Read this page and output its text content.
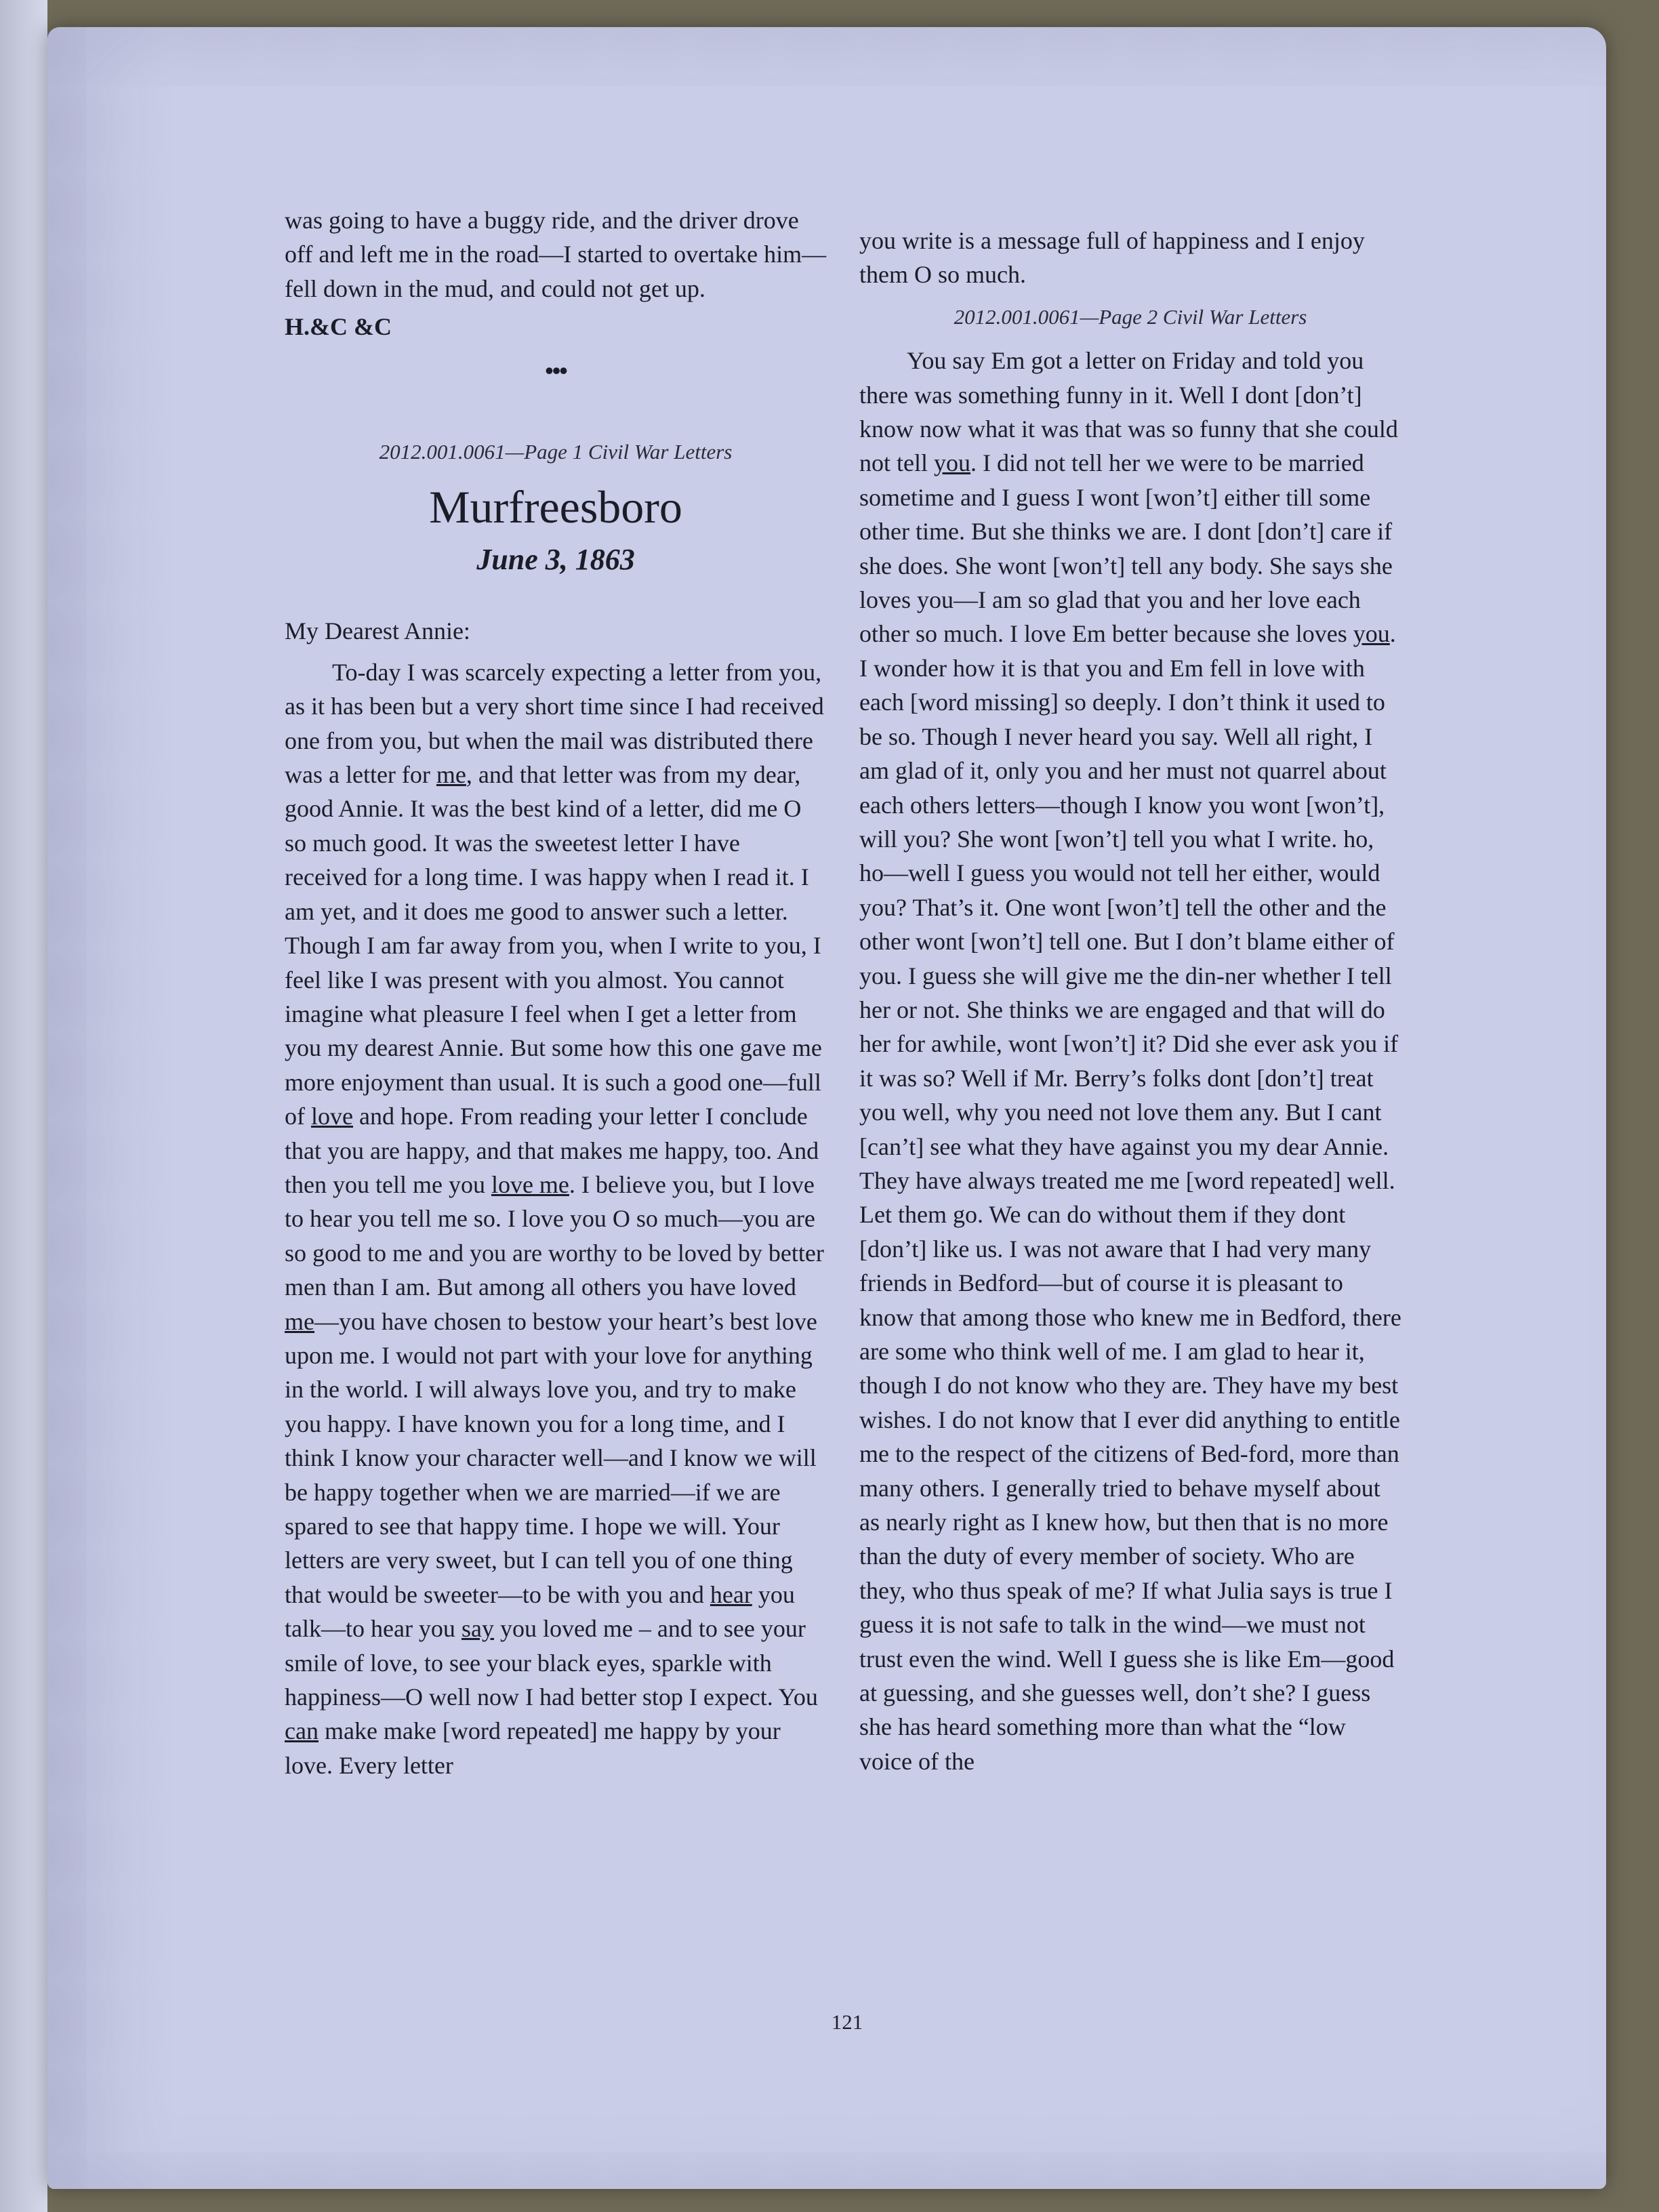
was going to have a buggy ride, and the driver drove off and left me in the road—I started to overtake him—fell down in the mud, and could not get up.

H.&C &C

•••

2012.001.0061—Page 1 Civil War Letters

Murfreesboro

June 3, 1863

My Dearest Annie:

To-day I was scarcely expecting a letter from you, as it has been but a very short time since I had received one from you, but when the mail was distributed there was a letter for me, and that letter was from my dear, good Annie. It was the best kind of a letter, did me O so much good. It was the sweetest letter I have received for a long time. I was happy when I read it. I am yet, and it does me good to answer such a letter. Though I am far away from you, when I write to you, I feel like I was present with you almost. You cannot imagine what pleasure I feel when I get a letter from you my dearest Annie. But some how this one gave me more enjoyment than usual. It is such a good one—full of love and hope. From reading your letter I conclude that you are happy, and that makes me happy, too. And then you tell me you love me. I believe you, but I love to hear you tell me so. I love you O so much—you are so good to me and you are worthy to be loved by better men than I am. But among all others you have loved me—you have chosen to bestow your heart’s best love upon me. I would not part with your love for anything in the world. I will always love you, and try to make you happy. I have known you for a long time, and I think I know your character well—and I know we will be happy together when we are married—if we are spared to see that happy time. I hope we will. Your letters are very sweet, but I can tell you of one thing that would be sweeter—to be with you and hear you talk—to hear you say you loved me – and to see your smile of love, to see your black eyes, sparkle with happiness—O well now I had better stop I expect. You can make make [word repeated] me happy by your love. Every letter

you write is a message full of happiness and I enjoy them O so much.

2012.001.0061—Page 2 Civil War Letters

You say Em got a letter on Friday and told you there was something funny in it. Well I dont [don’t] know now what it was that was so funny that she could not tell you. I did not tell her we were to be married sometime and I guess I wont [won’t] either till some other time. But she thinks we are. I dont [don’t] care if she does. She wont [won’t] tell any body. She says she loves you—I am so glad that you and her love each other so much. I love Em better because she loves you. I wonder how it is that you and Em fell in love with each [word missing] so deeply. I don’t think it used to be so. Though I never heard you say. Well all right, I am glad of it, only you and her must not quarrel about each others letters—though I know you wont [won’t], will you? She wont [won’t] tell you what I write. ho, ho—well I guess you would not tell her either, would you? That’s it. One wont [won’t] tell the other and the other wont [won’t] tell one. But I don’t blame either of you. I guess she will give me the din-ner whether I tell her or not. She thinks we are engaged and that will do her for awhile, wont [won’t] it? Did she ever ask you if it was so? Well if Mr. Berry’s folks dont [don’t] treat you well, why you need not love them any. But I cant [can’t] see what they have against you my dear Annie. They have always treated me me [word repeated] well. Let them go. We can do without them if they dont [don’t] like us. I was not aware that I had very many friends in Bedford—but of course it is pleasant to know that among those who knew me in Bedford, there are some who think well of me. I am glad to hear it, though I do not know who they are. They have my best wishes. I do not know that I ever did anything to entitle me to the respect of the citizens of Bed-ford, more than many others. I generally tried to behave myself about as nearly right as I knew how, but then that is no more than the duty of every member of society. Who are they, who thus speak of me? If what Julia says is true I guess it is not safe to talk in the wind—we must not trust even the wind. Well I guess she is like Em—good at guessing, and she guesses well, don’t she? I guess she has heard something more than what the “low voice of the

121
